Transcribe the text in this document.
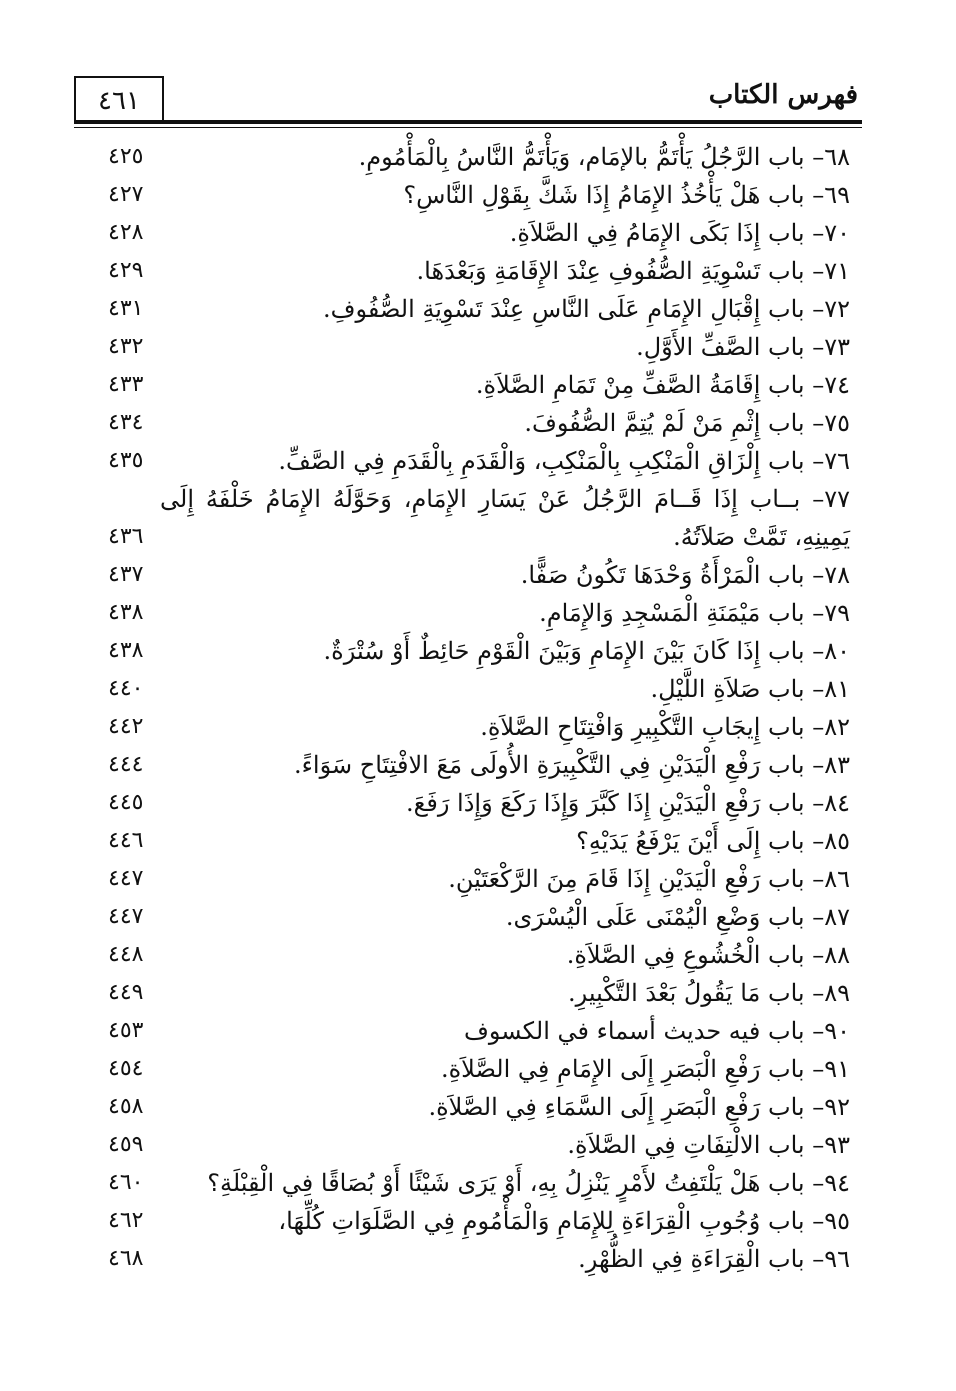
٤٦١	فهرس الكتاب
٦٨– باب الرَّجُلُ يَأْتَمُّ بالإمَام، وَيَأْتَمُّ النَّاسُ بِالْمَأْمُومِ.
٤٢٥
٦٩– باب هَلْ يَأْخُذُ الإِمَامُ إِذَا شَكَّ بِقَوْلِ النَّاسِ؟
٤٢٧
٧٠– باب إِذَا بَكَى الإِمَامُ فِي الصَّلاَةِ.
٤٢٨
٧١– باب تَسْوِيَةِ الصُّفُوفِ عِنْدَ الإِقَامَةِ وَبَعْدَهَا.
٤٢٩
٧٢– باب إِقْبَالِ الإِمَامِ عَلَى النَّاسِ عِنْدَ تَسْوِيَةِ الصُّفُوفِ.
٤٣١
٧٣– باب الصَّفِّ الأَوَّلِ.
٤٣٢
٧٤– باب إِقَامَةُ الصَّفِّ مِنْ تَمَامِ الصَّلاَةِ.
٤٣٣
٧٥– باب إِثْمِ مَنْ لَمْ يُتِمَّ الصُّفُوفَ.
٤٣٤
٧٦– باب إِلْزَاقِ الْمَنْكِبِ بِالْمَنْكِبِ، وَالْقَدَمِ بِالْقَدَمِ فِي الصَّفِّ.
٤٣٥
٧٧– بــاب إِذَا قَــامَ الرَّجُلُ عَنْ يَسَارِ الإِمَامِ، وَحَوَّلَهُ الإِمَامُ خَلْفَهُ إِلَى يَمِينِهِ، تَمَّتْ صَلاَتُهُ.
٤٣٦
٧٨– باب الْمَرْأَةُ وَحْدَهَا تَكُونُ صَفًّا.
٤٣٧
٧٩– باب مَيْمَنَةِ الْمَسْجِدِ وَالإِمَامِ.
٤٣٨
٨٠– باب إِذَا كَانَ بَيْنَ الإِمَامِ وَبَيْنَ الْقَوْمِ حَائِطٌ أَوْ سُتْرَةٌ.
٤٣٨
٨١– باب صَلاَةِ اللَّيْلِ.
٤٤٠
٨٢– باب إِيجَابِ التَّكْبِيرِ وَافْتِتَاحِ الصَّلاَةِ.
٤٤٢
٨٣– باب رَفْعِ الْيَدَيْنِ فِي التَّكْبِيرَةِ الأُولَى مَعَ الافْتِتَاحِ سَوَاءً.
٤٤٤
٨٤– باب رَفْعِ الْيَدَيْنِ إِذَا كَبَّرَ وَإِذَا رَكَعَ وَإِذَا رَفَعَ.
٤٤٥
٨٥– باب إِلَى أَيْنَ يَرْفَعُ يَدَيْهِ؟
٤٤٦
٨٦– باب رَفْعِ الْيَدَيْنِ إِذَا قَامَ مِنَ الرَّكْعَتَيْنِ.
٤٤٧
٨٧– باب وَضْعِ الْيُمْنَى عَلَى الْيُسْرَى.
٤٤٧
٨٨– باب الْخُشُوعِ فِي الصَّلاَةِ.
٤٤٨
٨٩– باب مَا يَقُولُ بَعْدَ التَّكْبِيرِ.
٤٤٩
٩٠– باب فيه حديث أسماء في الكسوف
٤٥٣
٩١– باب رَفْعِ الْبَصَرِ إِلَى الإِمَامِ فِي الصَّلاَةِ.
٤٥٤
٩٢– باب رَفْعِ الْبَصَرِ إِلَى السَّمَاءِ فِي الصَّلاَةِ.
٤٥٨
٩٣– باب الالْتِفَاتِ فِي الصَّلاَةِ.
٤٥٩
٩٤– باب هَلْ يَلْتَفِتُ لأَمْرٍ يَنْزِلُ بِهِ، أَوْ يَرَى شَيْئًا أَوْ بُصَاقًا فِي الْقِبْلَةِ؟
٤٦٠
٩٥– باب وُجُوبِ الْقِرَاءَةِ لِلإِمَامِ وَالْمَأْمُومِ فِي الصَّلَوَاتِ كُلِّهَا،
٤٦٢
٩٦– باب الْقِرَاءَةِ فِي الظُّهْرِ.
٤٦٨
